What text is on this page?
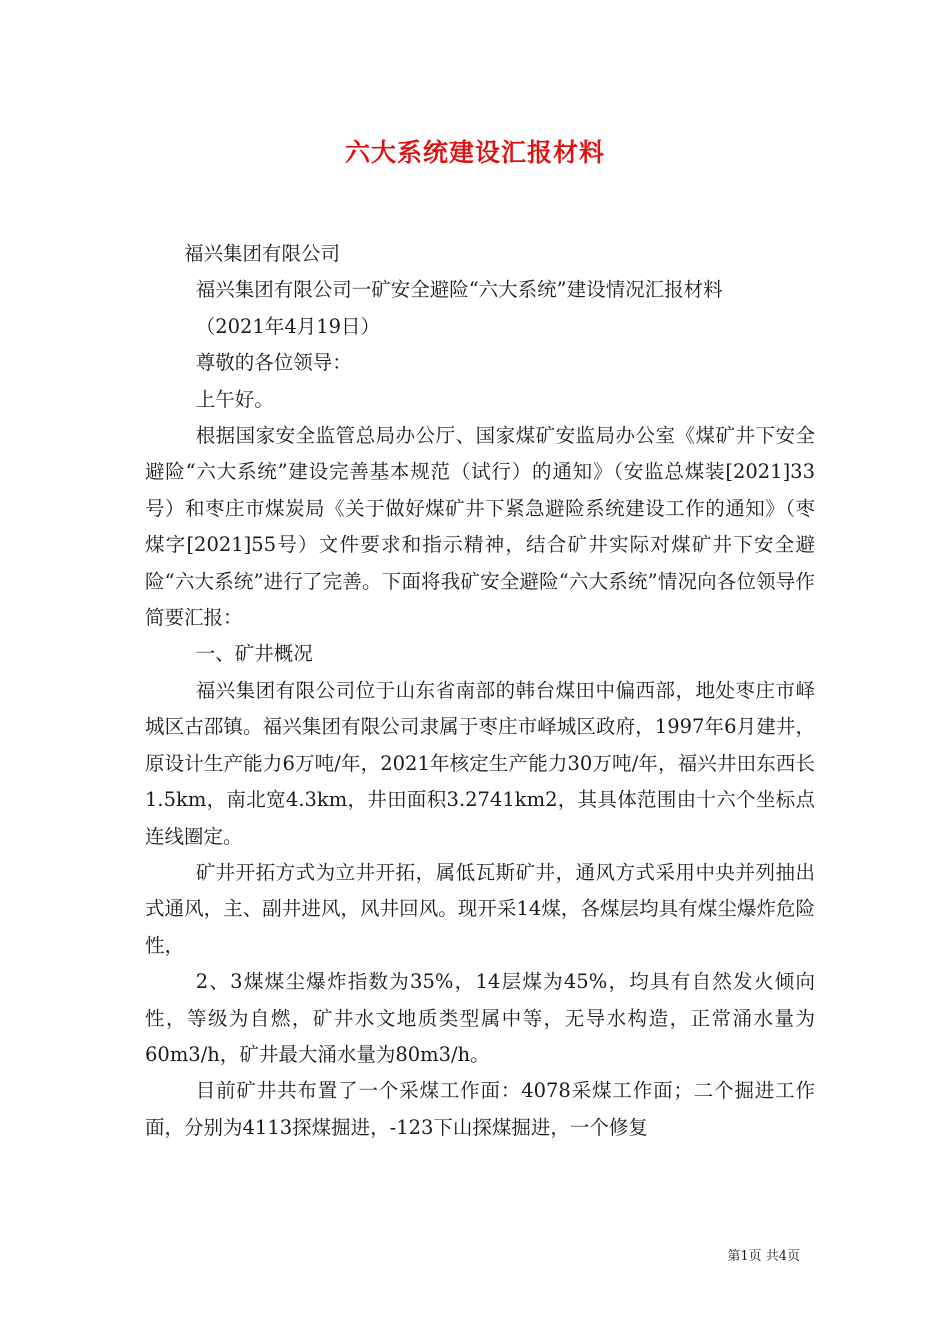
六大系统建设汇报材料

福兴集团有限公司

福兴集团有限公司一矿安全避险“六大系统”建设情况汇报材料

（2021年4月19日）

尊敬的各位领导：

上午好。

根据国家安全监管总局办公厅、国家煤矿安监局办公室《煤矿井下安全避险“六大系统”建设完善基本规范（试行）的通知》（安监总煤装[2021]33号）和枣庄市煤炭局《关于做好煤矿井下紧急避险系统建设工作的通知》（枣煤字[2021]55号）文件要求和指示精神，结合矿井实际对煤矿井下安全避险“六大系统”进行了完善。下面将我矿安全避险“六大系统”情况向各位领导作简要汇报：

一、矿井概况

福兴集团有限公司位于山东省南部的韩台煤田中偏西部，地处枣庄市峄城区古邵镇。福兴集团有限公司隶属于枣庄市峄城区政府，1997年6月建井，原设计生产能力6万吨/年，2021年核定生产能力30万吨/年，福兴井田东西长1.5km，南北宽4.3km，井田面积3.2741km2，其具体范围由十六个坐标点连线圈定。

矿井开拓方式为立井开拓，属低瓦斯矿井，通风方式采用中央并列抽出式通风，主、副井进风，风井回风。现开采14煤，各煤层均具有煤尘爆炸危险性，

2、3煤煤尘爆炸指数为35%，14层煤为45%，均具有自然发火倾向性，等级为自燃，矿井水文地质类型属中等，无导水构造，正常涌水量为60m3/h，矿井最大涌水量为80m3/h。

目前矿井共布置了一个采煤工作面：4078采煤工作面；二个掘进工作面，分别为4113探煤掘进，-123下山探煤掘进，一个修复

第1页 共4页
